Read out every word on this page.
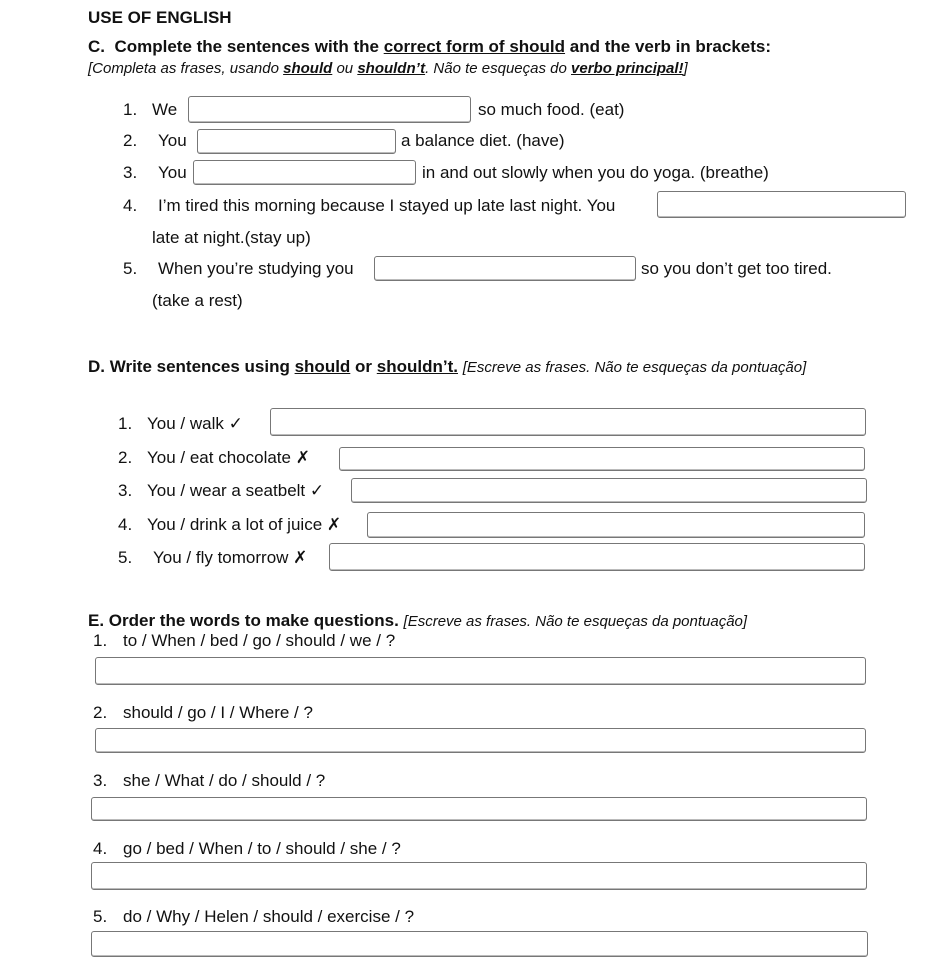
USE OF ENGLISH
C. Complete the sentences with the correct form of should and the verb in brackets:
[Completa as frases, usando should ou shouldn’t. Não te esqueças do verbo principal!]
1. We	so much food. (eat)
2. You	a balance diet. (have)
3. You	in and out slowly when you do yoga. (breathe)
4. I’m tired this morning because I stayed up late last night. You
late at night.(stay up)
5. When you’re studying you	so you don’t get too tired.
(take a rest)
D. Write sentences using should or shouldn’t. [Escreve as frases. Não te esqueças da pontuação]
1. You / walk ✓
2. You / eat chocolate ✗
3. You / wear a seatbelt ✓
4. You / drink a lot of juice ✗
5. You / fly tomorrow ✗
E. Order the words to make questions. [Escreve as frases. Não te esqueças da pontuação]
1. to / When / bed / go / should / we / ?
2. should / go / I / Where / ?
3. she / What / do / should / ?
4. go / bed / When / to / should / she / ?
5. do / Why / Helen / should / exercise / ?
